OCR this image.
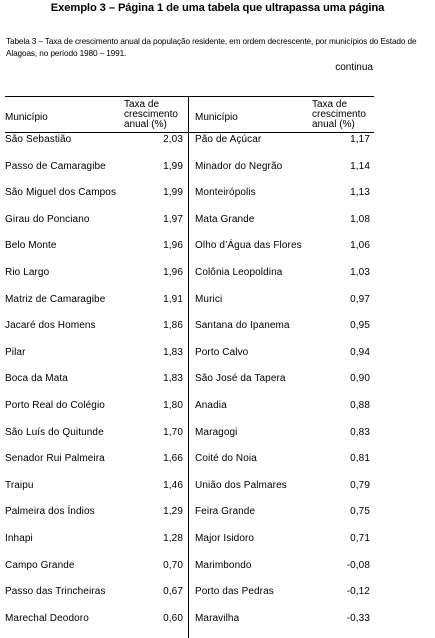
Exemplo 3 – Página 1 de uma tabela que ultrapassa uma página
Tabela 3 – Taxa de crescimento anual da população residente, em ordem decrescente, por municípios do Estado de Alagoas, no período 1980 – 1991.
continua
Município
Taxa de
crescimento
anual (%)
Município
Taxa de
crescimento
anual (%)
São Sebastião	2,03 Pão de Açúcar	1,17
Passo de Camaragibe	1,99 Minador do Negrão	1,14
São Miguel dos Campos	1,99 Monteirópolis	1,13
Girau do Ponciano	1,97 Mata Grande	1,08
Belo Monte	1,96 Olho d’Água das Flores	1,06
Rio Largo	1,96 Colônia Leopoldina	1,03
Matriz de Camaragibe	1,91 Murici	0,97
Jacaré dos Homens	1,86 Santana do Ipanema	0,95
Pilar	1,83 Porto Calvo	0,94
Boca da Mata	1,83 São José da Tapera	0,90
Porto Real do Colégio	1,80 Anadia	0,88
São Luís do Quitunde	1,70 Maragogi	0,83
Senador Rui Palmeira	1,66 Coité do Noia	0,81
Traipu	1,46 União dos Palmares	0,79
Palmeira dos Índios	1,29 Feira Grande	0,75
Inhapi	1,28 Major Isidoro	0,71
Campo Grande	0,70 Marimbondo	-0,08
Passo das Trincheiras	0,67 Porto das Pedras	-0,12
Marechal Deodoro	0,60 Maravilha	-0,33
